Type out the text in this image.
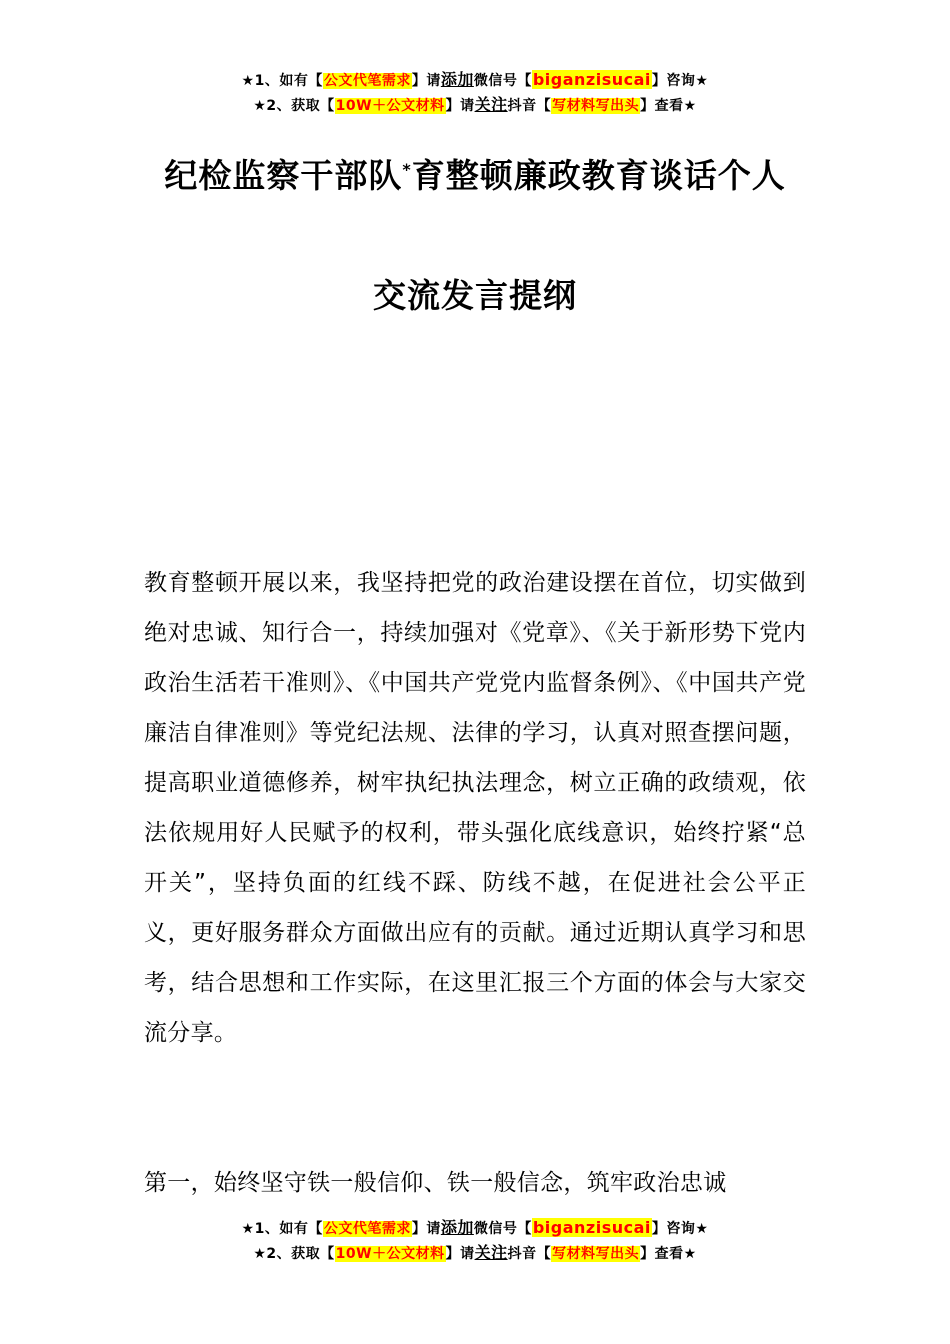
★1、如有【公文代笔需求】请添加微信号【biganzisucai】咨询★
★2、获取【10W＋公文材料】请关注抖音【写材料写出头】查看★
纪检监察干部队*育整顿廉政教育谈话个人
交流发言提纲

教育整顿开展以来，我坚持把党的政治建设摆在首位，切实做到绝对忠诚、知行合一，持续加强对《党章》、《关于新形势下党内政治生活若干准则》、《中国共产党党内监督条例》、《中国共产党廉洁自律准则》等党纪法规、法律的学习，认真对照查摆问题，提高职业道德修养，树牢执纪执法理念，树立正确的政绩观，依法依规用好人民赋予的权利，带头强化底线意识，始终拧紧“总开关”，坚持负面的红线不踩、防线不越，在促进社会公平正义，更好服务群众方面做出应有的贡献。通过近期认真学习和思考，结合思想和工作实际，在这里汇报三个方面的体会与大家交流分享。

第一，始终坚守铁一般信仰、铁一般信念，筑牢政治忠诚

★1、如有【公文代笔需求】请添加微信号【biganzisucai】咨询★
★2、获取【10W＋公文材料】请关注抖音【写材料写出头】查看★
